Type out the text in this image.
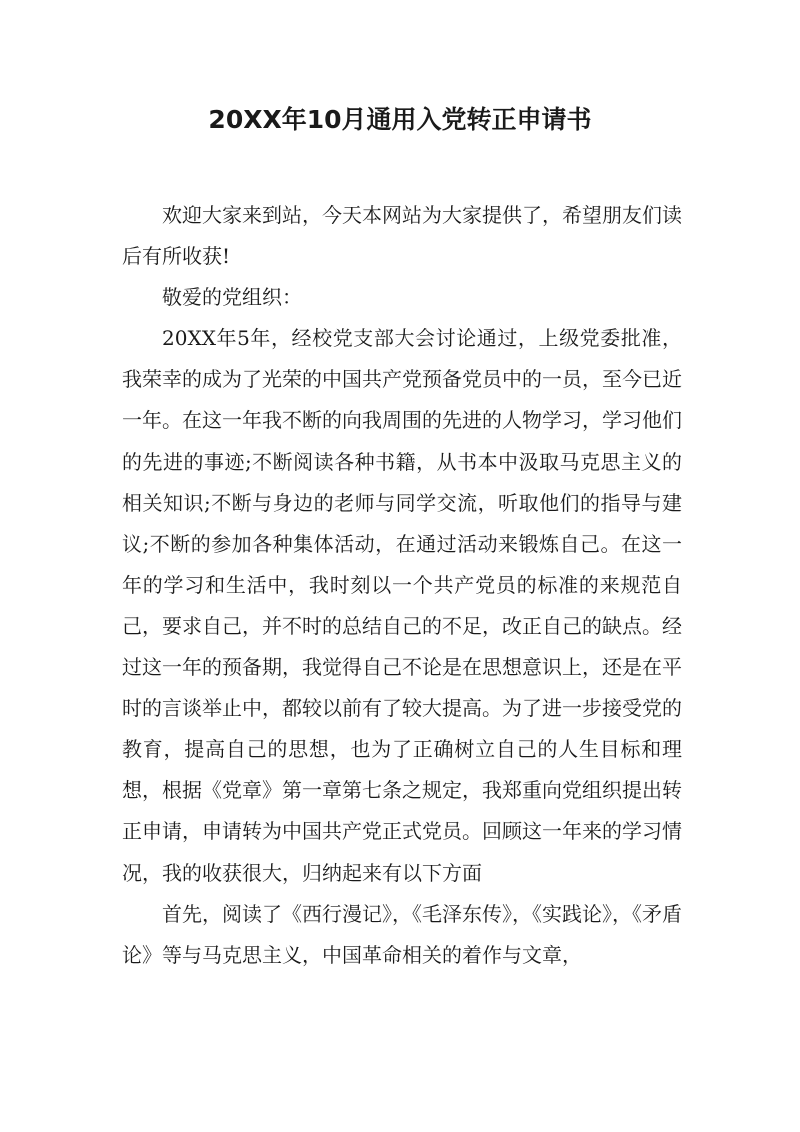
20XX年10月通用入党转正申请书

欢迎大家来到站，今天本网站为大家提供了，希望朋友们读后有所收获!

敬爱的党组织：

20XX年5年，经校党支部大会讨论通过，上级党委批准，我荣幸的成为了光荣的中国共产党预备党员中的一员，至今已近一年。在这一年我不断的向我周围的先进的人物学习，学习他们的先进的事迹;不断阅读各种书籍，从书本中汲取马克思主义的相关知识;不断与身边的老师与同学交流，听取他们的指导与建议;不断的参加各种集体活动，在通过活动来锻炼自己。在这一年的学习和生活中，我时刻以一个共产党员的标准的来规范自己，要求自己，并不时的总结自己的不足，改正自己的缺点。经过这一年的预备期，我觉得自己不论是在思想意识上，还是在平时的言谈举止中，都较以前有了较大提高。为了进一步接受党的教育，提高自己的思想，也为了正确树立自己的人生目标和理想，根据《党章》第一章第七条之规定，我郑重向党组织提出转正申请，申请转为中国共产党正式党员。回顾这一年来的学习情况，我的收获很大，归纳起来有以下方面

首先，阅读了《西行漫记》，《毛泽东传》，《实践论》，《矛盾论》等与马克思主义，中国革命相关的着作与文章，
